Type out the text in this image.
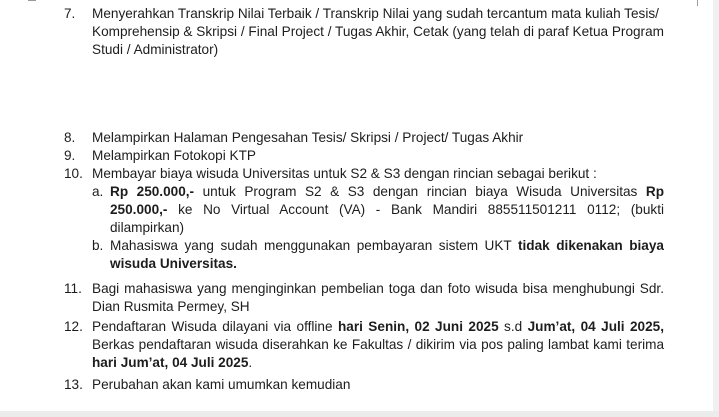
7. Menyerahkan Transkrip Nilai Terbaik / Transkrip Nilai yang sudah tercantum mata kuliah Tesis/ Komprehensip & Skripsi / Final Project / Tugas Akhir, Cetak (yang telah di paraf Ketua Program Studi / Administrator)
8. Melampirkan Halaman Pengesahan Tesis/ Skripsi / Project/ Tugas Akhir
9. Melampirkan Fotokopi KTP
10. Membayar biaya wisuda Universitas untuk S2 & S3 dengan rincian sebagai berikut :
a. Rp 250.000,- untuk Program S2 & S3 dengan rincian biaya Wisuda Universitas Rp 250.000,- ke No Virtual Account (VA) - Bank Mandiri 885511501211 0112; (bukti dilampirkan)
b. Mahasiswa yang sudah menggunakan pembayaran sistem UKT tidak dikenakan biaya wisuda Universitas.
11. Bagi mahasiswa yang menginginkan pembelian toga dan foto wisuda bisa menghubungi Sdr. Dian Rusmita Permey, SH
12. Pendaftaran Wisuda dilayani via offline hari Senin, 02 Juni 2025 s.d Jum’at, 04 Juli 2025, Berkas pendaftaran wisuda diserahkan ke Fakultas / dikirim via pos paling lambat kami terima hari Jum’at, 04 Juli 2025.
13. Perubahan akan kami umumkan kemudian
